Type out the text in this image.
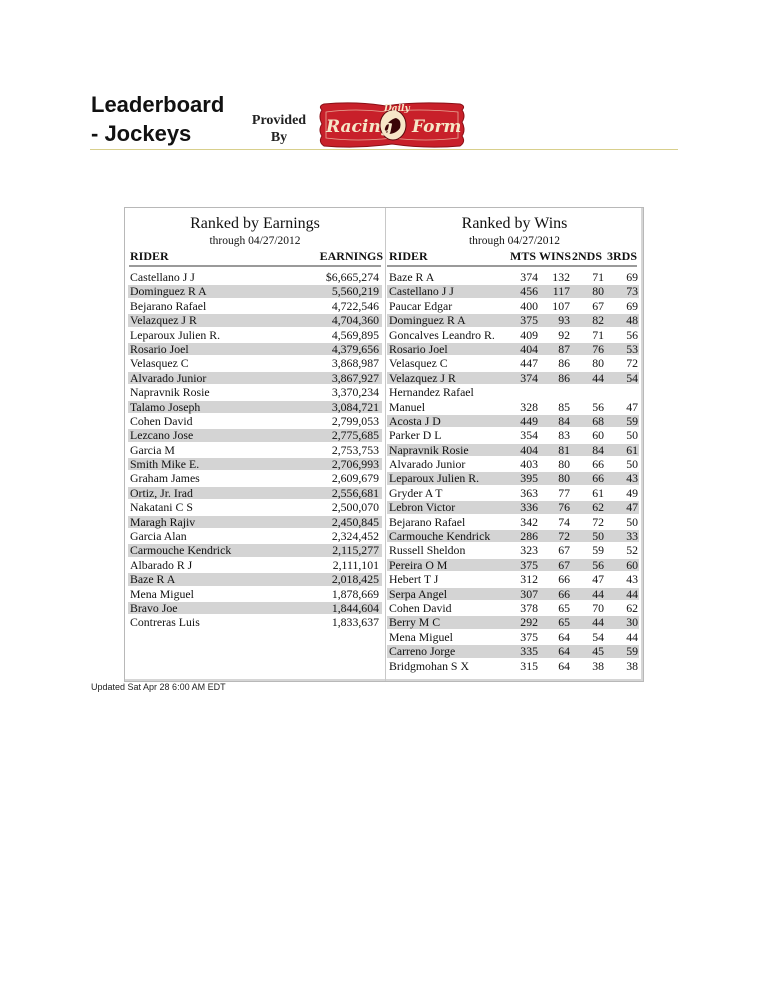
Leaderboard
- Jockeys
Provided
By
Racing
Daily
Form
Ranked by Earnings
through 04/27/2012
RIDER	EARNINGS
Castellano J J	$6,665,274
Dominguez R A	5,560,219
Bejarano Rafael	4,722,546
Velazquez J R	4,704,360
Leparoux Julien R.	4,569,895
Rosario Joel	4,379,656
Velasquez C	3,868,987
Alvarado Junior	3,867,927
Napravnik Rosie	3,370,234
Talamo Joseph	3,084,721
Cohen David	2,799,053
Lezcano Jose	2,775,685
Garcia M	2,753,753
Smith Mike E.	2,706,993
Graham James	2,609,679
Ortiz, Jr. Irad	2,556,681
Nakatani C S	2,500,070
Maragh Rajiv	2,450,845
Garcia Alan	2,324,452
Carmouche Kendrick	2,115,277
Albarado R J	2,111,101
Baze R A	2,018,425
Mena Miguel	1,878,669
Bravo Joe	1,844,604
Contreras Luis	1,833,637
Ranked by Wins
through 04/27/2012
RIDER	MTS WINS 2NDS 3RDS
Baze R A	374 132 71 69
Castellano J J	456 117 80 73
Paucar Edgar	400 107 67 69
Dominguez R A	375 93 82 48
Goncalves Leandro R. 409 92 71 56
Rosario Joel	404 87 76 53
Velasquez C	447 86 80 72
Velazquez J R	374 86 44 54
Hernandez Rafael
Manuel	328 85 56 47
Acosta J D	449 84 68 59
Parker D L	354 83 60 50
Napravnik Rosie	404 81 84 61
Alvarado Junior	403 80 66 50
Leparoux Julien R.	395 80 66 43
Gryder A T	363 77 61 49
Lebron Victor	336 76 62 47
Bejarano Rafael	342 74 72 50
Carmouche Kendrick	286 72 50 33
Russell Sheldon	323 67 59 52
Pereira O M	375 67 56 60
Hebert T J	312 66 47 43
Serpa Angel	307 66 44 44
Cohen David	378 65 70 62
Berry M C	292 65 44 30
Mena Miguel	375 64 54 44
Carreno Jorge	335 64 45 59
Bridgmohan S X	315 64 38 38
Updated Sat Apr 28 6:00 AM EDT
